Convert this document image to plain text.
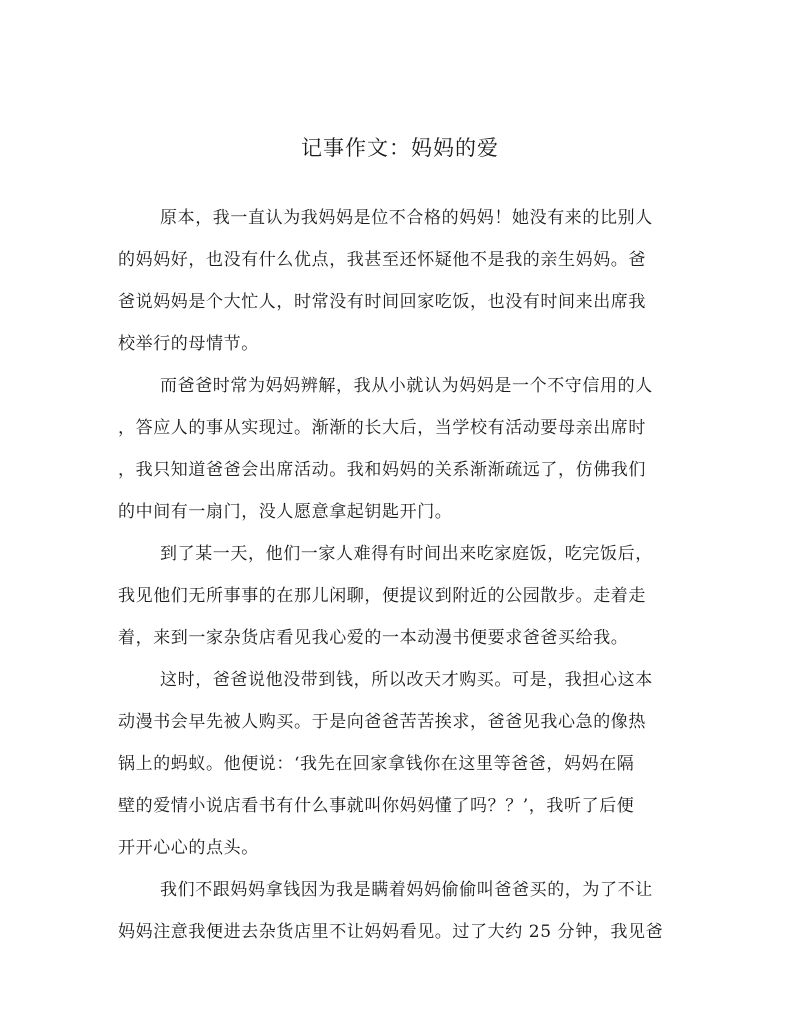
记事作文：妈妈的爱
原本，我一直认为我妈妈是位不合格的妈妈！她没有来的比别人
的妈妈好，也没有什么优点，我甚至还怀疑他不是我的亲生妈妈。爸
爸说妈妈是个大忙人，时常没有时间回家吃饭，也没有时间来出席我
校举行的母情节。
而爸爸时常为妈妈辨解，我从小就认为妈妈是一个不守信用的人
，答应人的事从实现过。渐渐的长大后，当学校有活动要母亲出席时
，我只知道爸爸会出席活动。我和妈妈的关系渐渐疏远了，仿佛我们
的中间有一扇门，没人愿意拿起钥匙开门。
到了某一天，他们一家人难得有时间出来吃家庭饭，吃完饭后，
我见他们无所事事的在那儿闲聊，便提议到附近的公园散步。走着走
着，来到一家杂货店看见我心爱的一本动漫书便要求爸爸买给我。
这时，爸爸说他没带到钱，所以改天才购买。可是，我担心这本
动漫书会早先被人购买。于是向爸爸苦苦挨求，爸爸见我心急的像热
锅上的蚂蚁。他便说：‘我先在回家拿钱你在这里等爸爸，妈妈在隔
壁的爱情小说店看书有什么事就叫你妈妈懂了吗？？’，我听了后便
开开心心的点头。
我们不跟妈妈拿钱因为我是瞒着妈妈偷偷叫爸爸买的，为了不让
妈妈注意我便进去杂货店里不让妈妈看见。过了大约 25 分钟，我见爸
